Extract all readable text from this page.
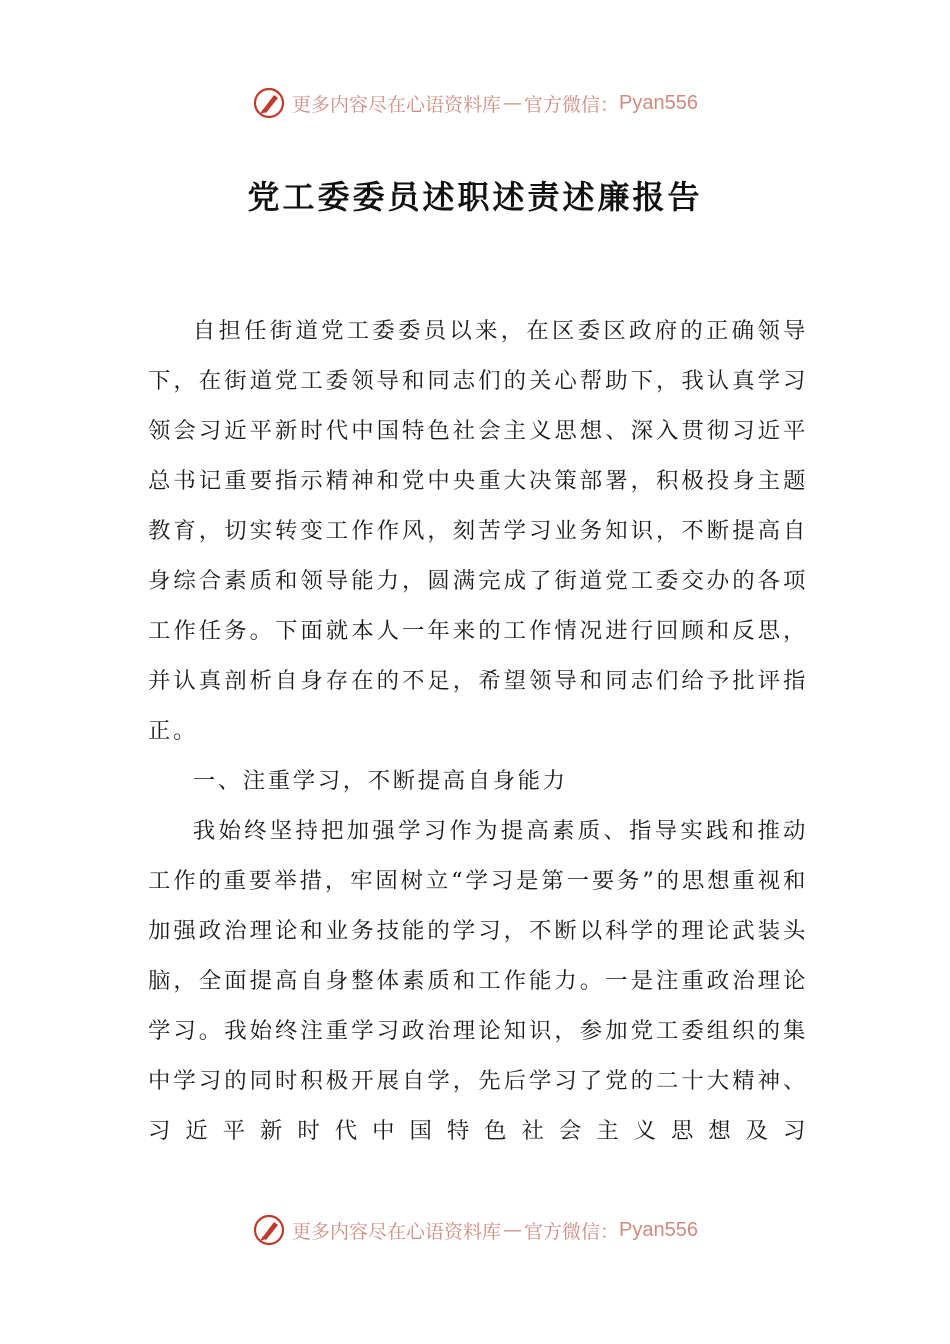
更多内容尽在心语资料库 — 官方微信： Pyan556
党工委委员述职述责述廉报告

自担任街道党工委委员以来，在区委区政府的正确领导下，在街道党工委领导和同志们的关心帮助下，我认真学习领会习近平新时代中国特色社会主义思想、深入贯彻习近平总书记重要指示精神和党中央重大决策部署，积极投身主题教育，切实转变工作作风，刻苦学习业务知识，不断提高自身综合素质和领导能力，圆满完成了街道党工委交办的各项工作任务。下面就本人一年来的工作情况进行回顾和反思，并认真剖析自身存在的不足，希望领导和同志们给予批评指正。

一、注重学习，不断提高自身能力

我始终坚持把加强学习作为提高素质、指导实践和推动工作的重要举措，牢固树立“学习是第一要务”的思想重视和加强政治理论和业务技能的学习，不断以科学的理论武装头脑，全面提高自身整体素质和工作能力。一是注重政治理论学习。我始终注重学习政治理论知识，参加党工委组织的集中学习的同时积极开展自学，先后学习了党的二十大精神、习近平新时代中国特色社会主义思想及习

更多内容尽在心语资料库 — 官方微信： Pyan556
